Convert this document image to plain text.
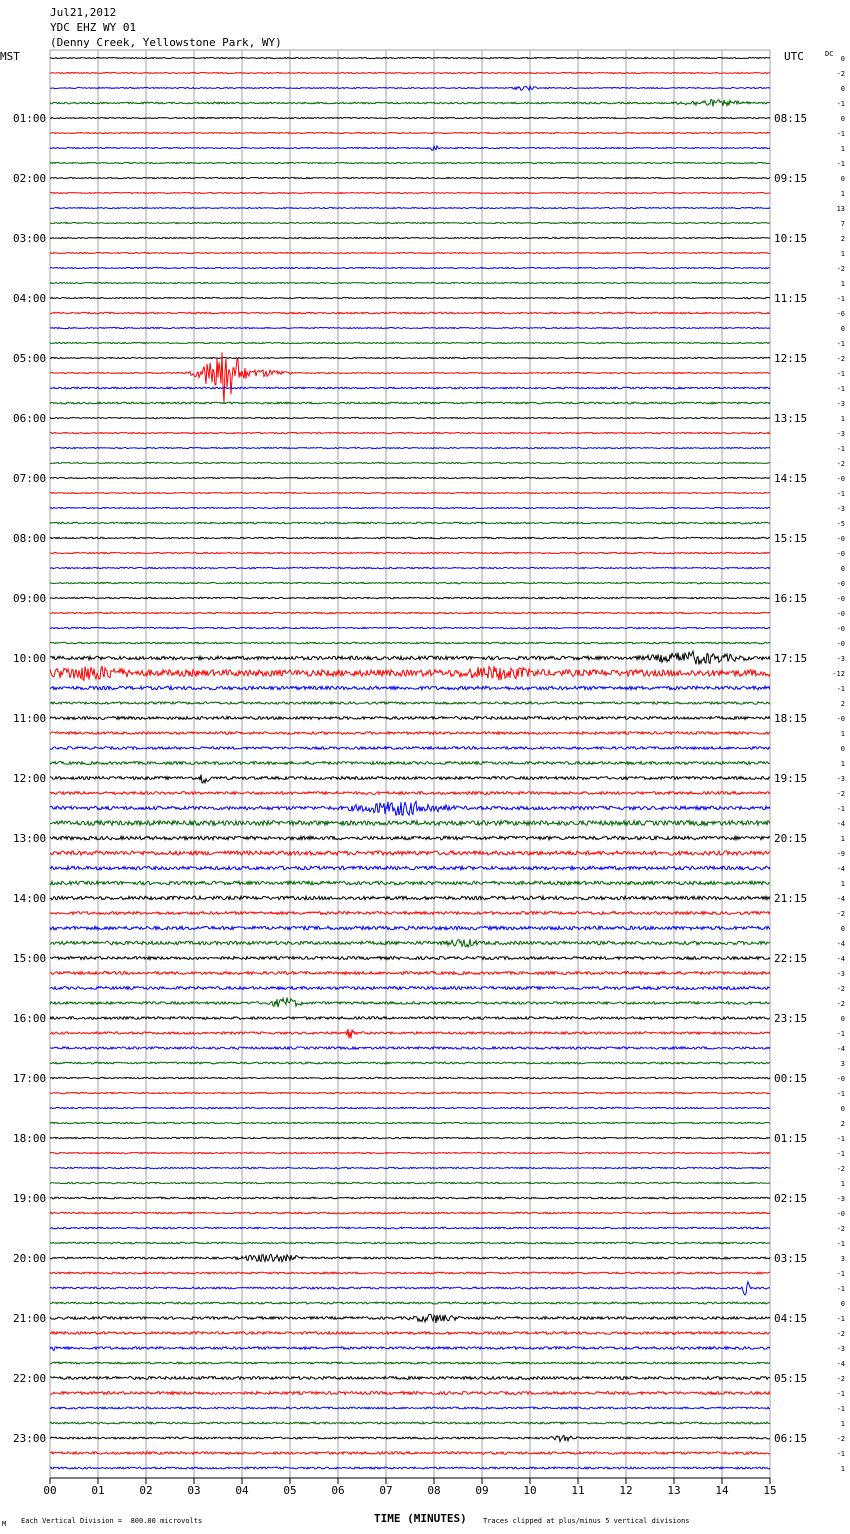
Jul21,2012
YDC EHZ WY 01
(Denny Creek, Yellowstone Park, WY)
MST	UTC	DC
01:00
02:00
03:00
04:00
05:00
06:00
07:00
08:00
09:00
10:00
11:00
12:00
13:00
14:00
15:00
16:00
17:00
18:00
19:00
20:00
21:00
22:00
23:00
08:15
09:15
10:15
11:15
12:15
13:15
14:15
15:15
16:15
17:15
18:15
19:15
20:15
21:15
22:15
23:15
00:15
01:15
02:15
03:15
04:15
05:15
06:15
0
-2
0
-1
0
-1
1
-1
0
1
13
7
2
1
-2
1
-1
-6
0
-1
-2
-1
-1
-3
1
-3
-1
-2
-0
-1
-3
-5
-0
-0
0
-0
-0
-0
-0
-0
-3
-12
-1
2
-0
1
0
1
-3
-2
-1
-4
1
-9
-4
1
-4
-2
0
-4
-4
-3
-2
-2
0
-1
-4
3
-0
-1
0
2
-1
-1
-2
1
-3
-0
-2
-1
3
-1
-1
0
-1
-2
-3
-4
-2
-1
-1
1
-2
-1
1
00	01	02	03	04	05	06	07	08	09	10	11	12	13	14	15
TIME (MINUTES)
Each Vertical Division =  800.00 microvolts	Traces clipped at plus/minus 5 vertical divisions
M
